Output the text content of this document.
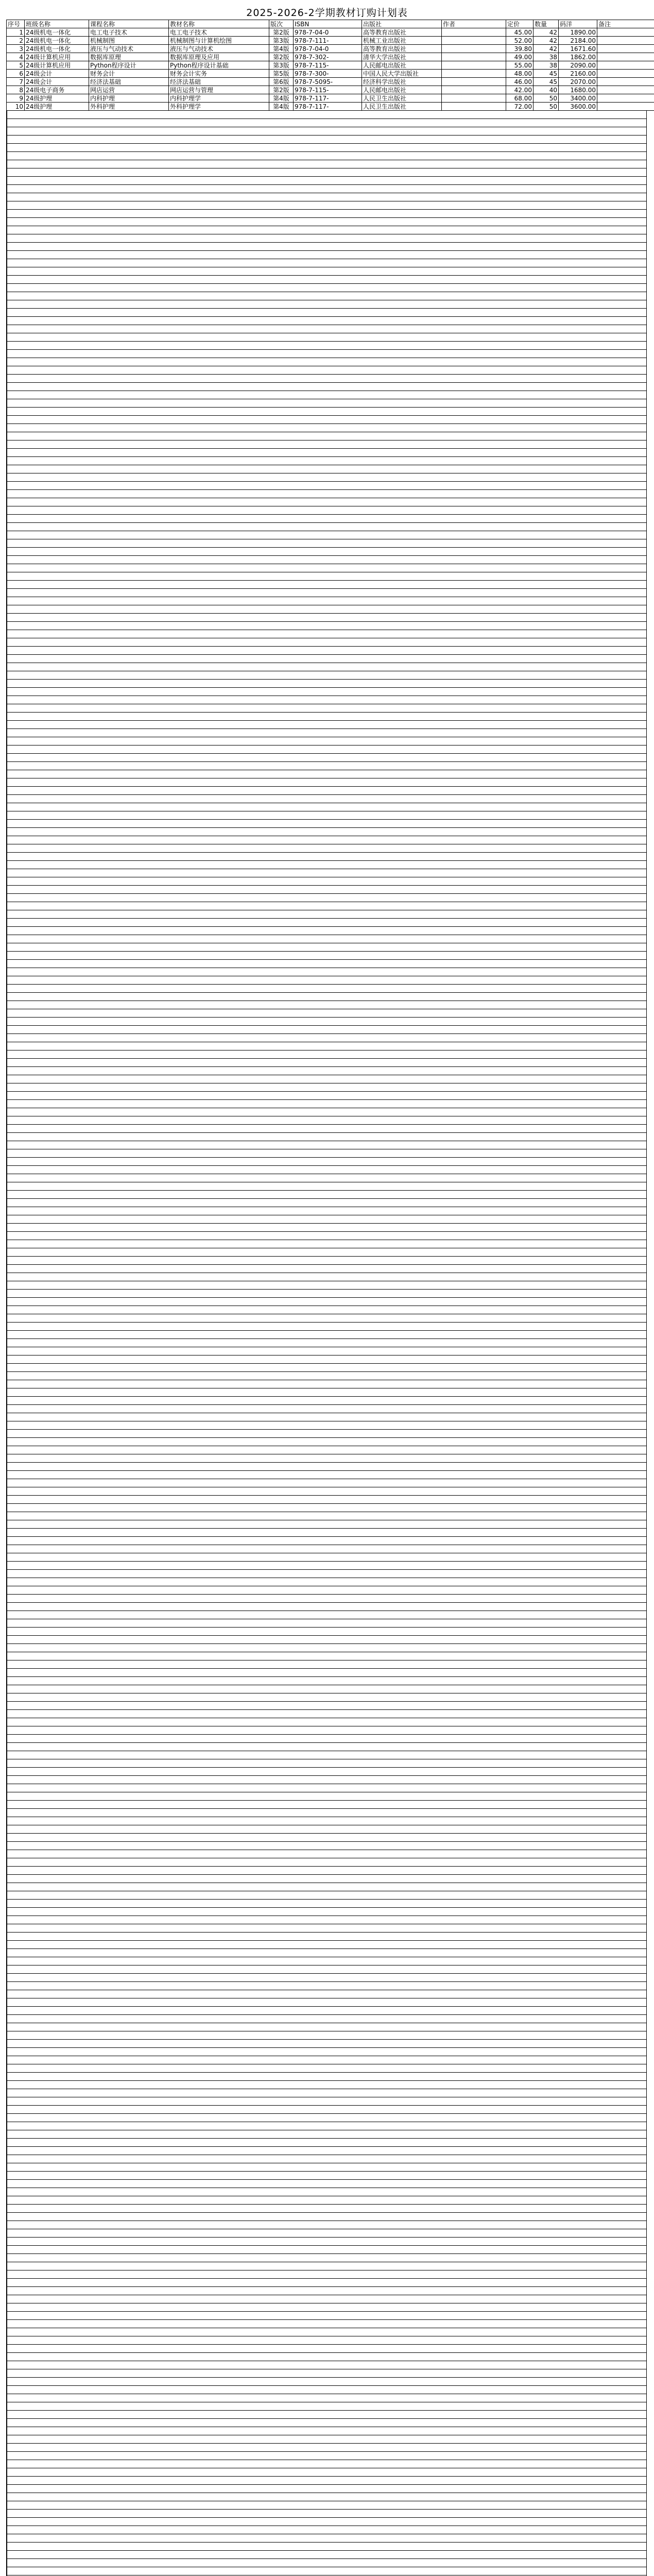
2025-2026-2学期教材订购计划表
序号	班级名称	课程名称	教材名称	版次	ISBN	出版社	作者	定价	数量	码洋	备注
1	24级机电一体化	电工电子技术	电工电子技术	第2版	978-7-04-0	高等教育出版社		45.00	42	1890.00	
2	24级机电一体化	机械制图	机械制图与计算机绘图	第3版	978-7-111-	机械工业出版社		52.00	42	2184.00	
3	24级机电一体化	液压与气动技术	液压与气动技术	第4版	978-7-04-0	高等教育出版社		39.80	42	1671.60	
4	24级计算机应用	数据库原理	数据库原理及应用	第2版	978-7-302-	清华大学出版社		49.00	38	1862.00	
5	24级计算机应用	Python程序设计	Python程序设计基础	第3版	978-7-115-	人民邮电出版社		55.00	38	2090.00	
6	24级会计	财务会计	财务会计实务	第5版	978-7-300-	中国人民大学出版社		48.00	45	2160.00	
7	24级会计	经济法基础	经济法基础	第6版	978-7-5095-	经济科学出版社		46.00	45	2070.00	
8	24级电子商务	网店运营	网店运营与管理	第2版	978-7-115-	人民邮电出版社		42.00	40	1680.00	
9	24级护理	内科护理	内科护理学	第4版	978-7-117-	人民卫生出版社		68.00	50	3400.00	
10	24级护理	外科护理	外科护理学	第4版	978-7-117-	人民卫生出版社		72.00	50	3600.00	
